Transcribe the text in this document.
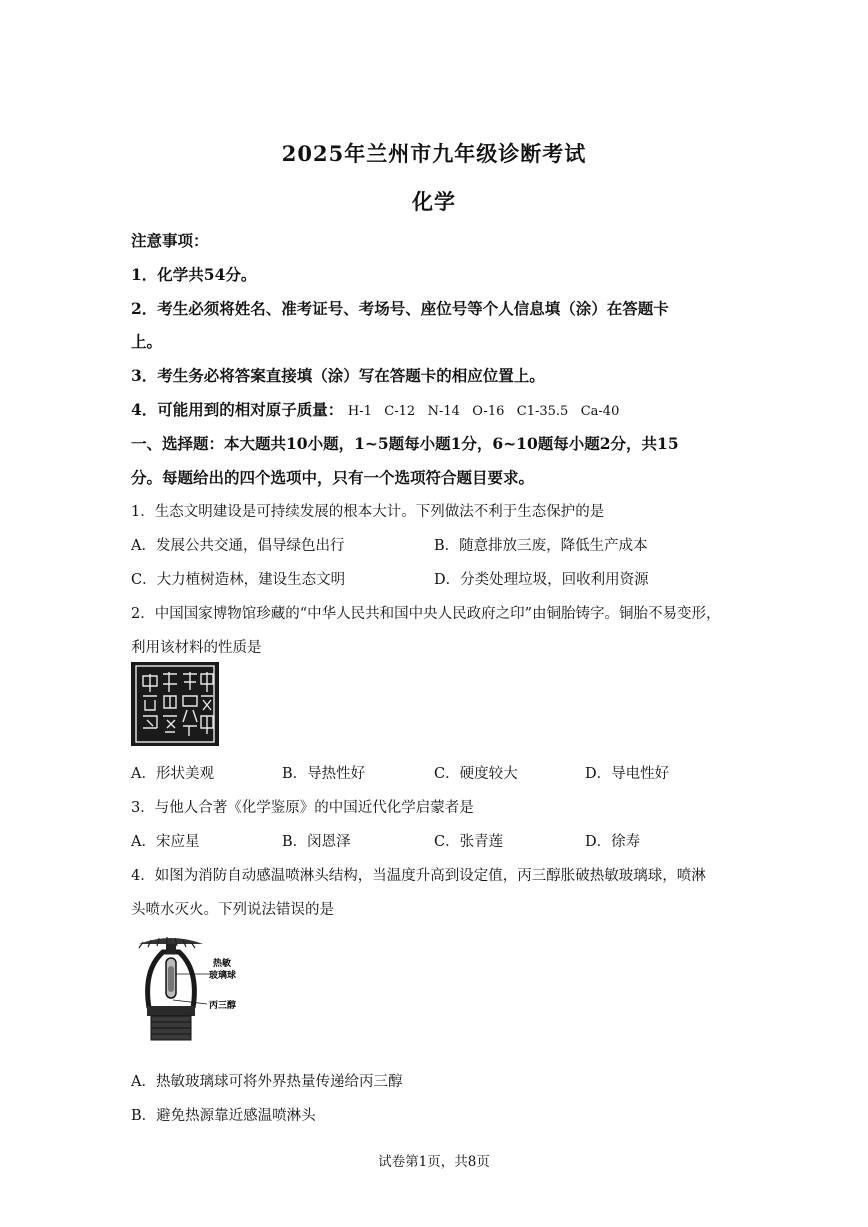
2025年兰州市九年级诊断考试
化学
注意事项：
1．化学共54分。
2．考生必须将姓名、准考证号、考场号、座位号等个人信息填（涂）在答题卡
上。
3．考生务必将答案直接填（涂）写在答题卡的相应位置上。
4．可能用到的相对原子质量： H-1   C-12   N-14   O-16   C1-35.5   Ca-40
一、选择题：本大题共10小题，1~5题每小题1分，6~10题每小题2分，共15
分。每题给出的四个选项中，只有一个选项符合题目要求。
1．生态文明建设是可持续发展的根本大计。下列做法不利于生态保护的是
A．发展公共交通，倡导绿色出行	B．随意排放三废，降低生产成本
C．大力植树造林，建设生态文明	D．分类处理垃圾，回收利用资源
2．中国国家博物馆珍藏的“中华人民共和国中央人民政府之印”由铜胎铸字。铜胎不易变形，
利用该材料的性质是
A．形状美观	B．导热性好	C．硬度较大	D．导电性好
3．与他人合著《化学鉴原》的中国近代化学启蒙者是
A．宋应星	B．闵恩泽	C．张青莲	D．徐寿
4．如图为消防自动感温喷淋头结构，当温度升高到设定值，丙三醇胀破热敏玻璃球，喷淋
头喷水灭火。下列说法错误的是
热敏
玻璃球
丙三醇
A．热敏玻璃球可将外界热量传递给丙三醇
B．避免热源靠近感温喷淋头
试卷第1页，共8页
